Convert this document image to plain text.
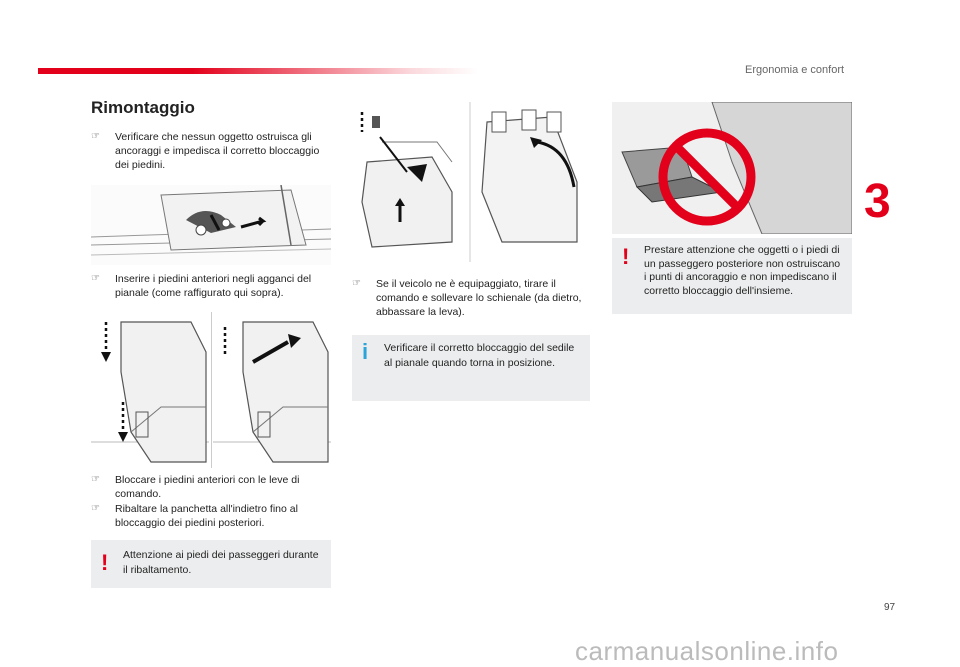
Ergonomia e confort
3
Rimontaggio
☞	Verificare che nessun oggetto ostruisca gli ancoraggi e impedisca il corretto bloccaggio dei piedini.
☞	Inserire i piedini anteriori negli agganci del pianale (come raffigurato qui sopra).
☞	Bloccare i piedini anteriori con le leve di comando.
☞	Ribaltare la panchetta all'indietro fino al bloccaggio dei piedini posteriori.
! Attenzione ai piedi dei passeggeri durante il ribaltamento.
☞	Se il veicolo ne è equipaggiato, tirare il comando e sollevare lo schienale (da dietro, abbassare la leva).
i Verificare il corretto bloccaggio del sedile al pianale quando torna in posizione.
! Prestare attenzione che oggetti o i piedi di un passeggero posteriore non ostruiscano i punti di ancoraggio e non impediscano il corretto bloccaggio dell'insieme.
97
carmanualsonline.info
